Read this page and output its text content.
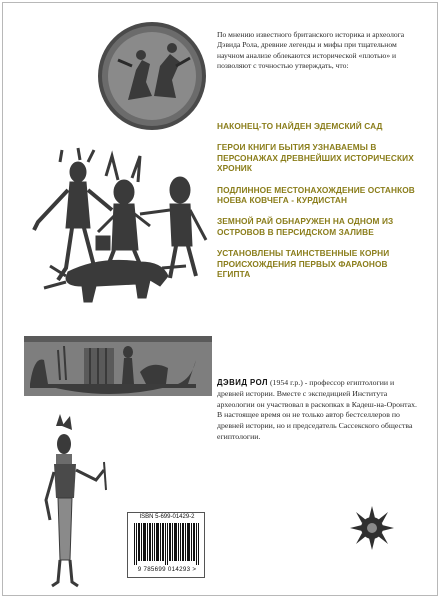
По мнению известного британского историка и археолога Дэвида Рола, древние легенды и мифы при тщательном научном анализе облекаются исторической «плотью» и позволяют с точностью утверждать, что:

НАКОНЕЦ-ТО НАЙДЕН ЭДЕМСКИЙ САД

ГЕРОИ КНИГИ БЫТИЯ УЗНАВАЕМЫ В ПЕРСОНАЖАХ ДРЕВНЕЙШИХ ИСТОРИЧЕСКИХ ХРОНИК

ПОДЛИННОЕ МЕСТОНАХОЖДЕНИЕ ОСТАНКОВ НОЕВА КОВЧЕГА - КУРДИСТАН

ЗЕМНОЙ РАЙ ОБНАРУЖЕН НА ОДНОМ ИЗ ОСТРОВОВ В ПЕРСИДСКОМ ЗАЛИВЕ

УСТАНОВЛЕНЫ ТАИНСТВЕННЫЕ КОРНИ ПРОИСХОЖДЕНИЯ ПЕРВЫХ ФАРАОНОВ ЕГИПТА

ДЭВИД РОЛ (1954 г.р.) - профессор египтологии и древней истории. Вместе с экспедицией Института археологии он участвовал в раскопках в Кадеш-на-Оронтах. В настоящее время он не только автор бестселлеров по древней истории, но и председатель Сассекского общества египтологии.

ISBN 5-699-01429-2
9 785699 014293 >
